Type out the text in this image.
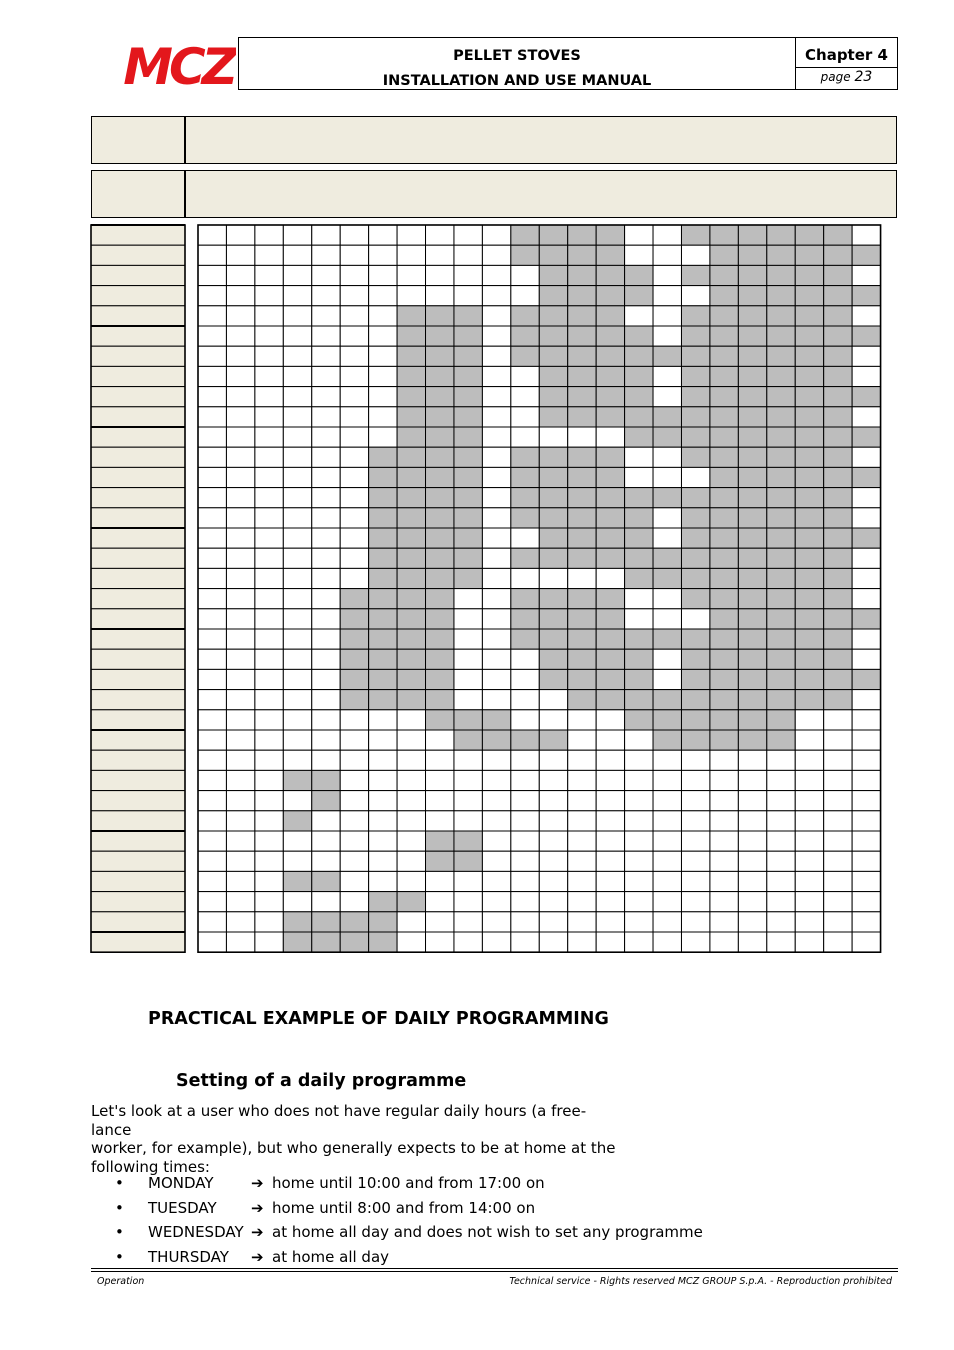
MCZ	PELLET STOVES
INSTALLATION AND USE MANUAL
Chapter 4
page 23
PRACTICAL EXAMPLE OF DAILY PROGRAMMING
Setting of a daily programme
Let's look at a user who does not have regular daily hours (a free-lance
worker, for example), but who generally expects to be at home at the
following times:
• MONDAY ➔ home until 10:00 and from 17:00 on
• TUESDAY ➔ home until 8:00 and from 14:00 on
• WEDNESDAY ➔ at home all day and does not wish to set any programme
• THURSDAY ➔ at home all day
Operation	Technical service - Rights reserved MCZ GROUP S.p.A. - Reproduction prohibited
